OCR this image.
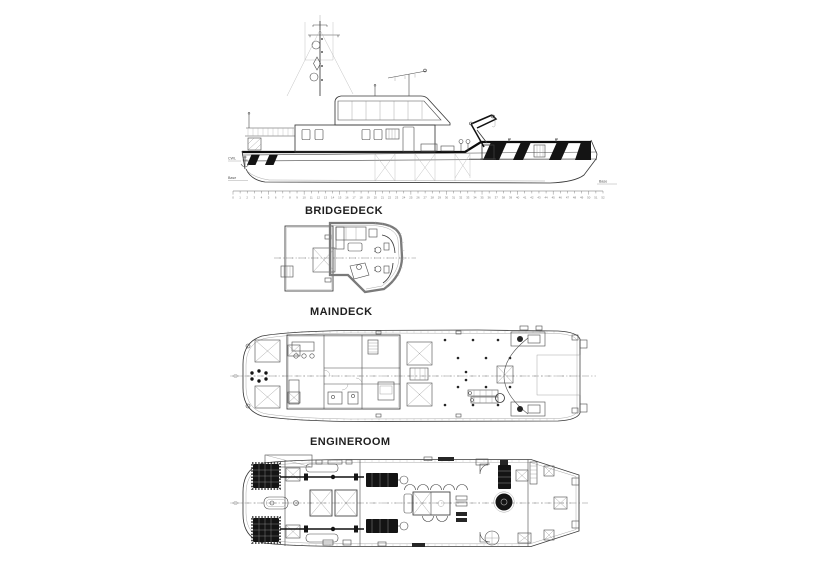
CWL
0 1 2 3 4 5 6 7 8 9 10 11 12 13 14 15 16 17 18 19 20 21 22 23 24 25 26 27 28 29 30 31 32 33 34 35 36 37 38 39 40 41 42 43 44 45 46 47 48 49 50 51 52
Base
Base
BRIDGEDECK
MAINDECK
ENGINEROOM
